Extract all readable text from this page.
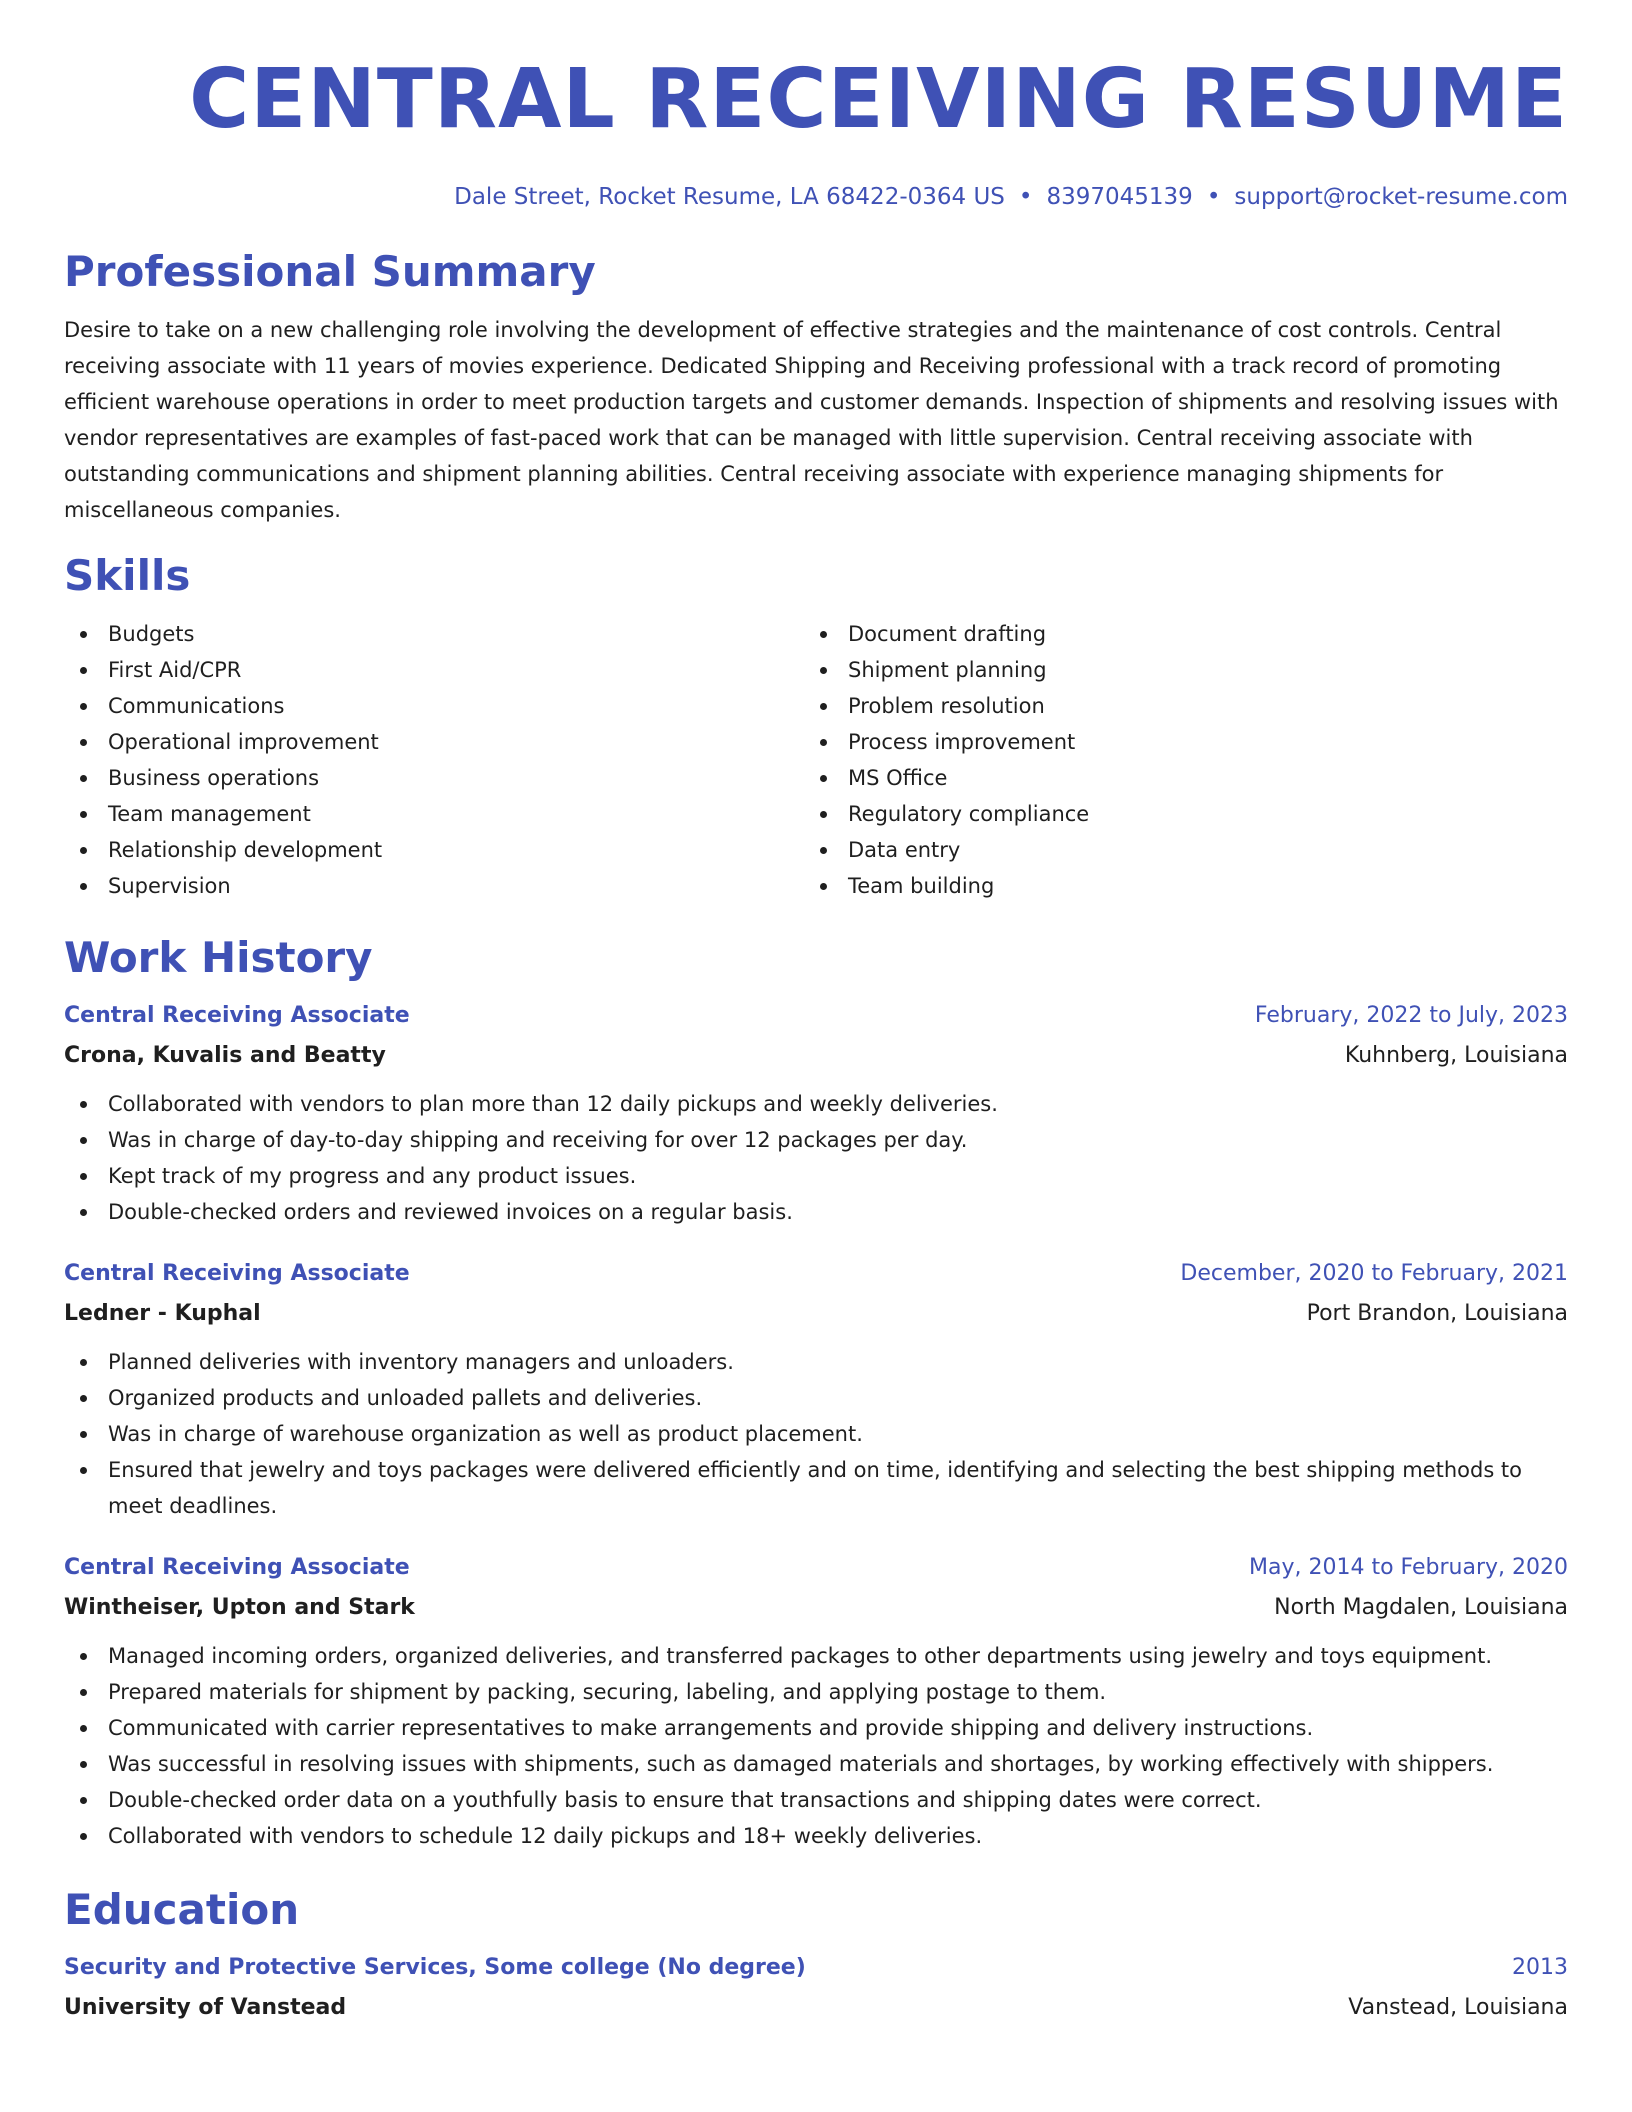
CENTRAL RECEIVING RESUME
Dale Street, Rocket Resume, LA 68422-0364 US • 8397045139 • support@rocket-resume.com
Professional Summary

Desire to take on a new challenging role involving the development of effective strategies and the maintenance of cost controls. Central receiving associate with 11 years of movies experience. Dedicated Shipping and Receiving professional with a track record of promoting efficient warehouse operations in order to meet production targets and customer demands. Inspection of shipments and resolving issues with vendor representatives are examples of fast-paced work that can be managed with little supervision. Central receiving associate with outstanding communications and shipment planning abilities. Central receiving associate with experience managing shipments for miscellaneous companies.

Skills
Budgets
First Aid/CPR
Communications
Operational improvement
Business operations
Team management
Relationship development
Supervision
Document drafting
Shipment planning
Problem resolution
Process improvement
MS Office
Regulatory compliance
Data entry
Team building
Work History
Central Receiving Associate	February, 2022 to July, 2023
Crona, Kuvalis and Beatty	Kuhnberg, Louisiana
Collaborated with vendors to plan more than 12 daily pickups and weekly deliveries.
Was in charge of day-to-day shipping and receiving for over 12 packages per day.
Kept track of my progress and any product issues.
Double-checked orders and reviewed invoices on a regular basis.
Central Receiving Associate	December, 2020 to February, 2021
Ledner - Kuphal	Port Brandon, Louisiana
Planned deliveries with inventory managers and unloaders.
Organized products and unloaded pallets and deliveries.
Was in charge of warehouse organization as well as product placement.
Ensured that jewelry and toys packages were delivered efficiently and on time, identifying and selecting the best shipping methods to meet deadlines.
Central Receiving Associate	May, 2014 to February, 2020
Wintheiser, Upton and Stark	North Magdalen, Louisiana
Managed incoming orders, organized deliveries, and transferred packages to other departments using jewelry and toys equipment.
Prepared materials for shipment by packing, securing, labeling, and applying postage to them.
Communicated with carrier representatives to make arrangements and provide shipping and delivery instructions.
Was successful in resolving issues with shipments, such as damaged materials and shortages, by working effectively with shippers.
Double-checked order data on a youthfully basis to ensure that transactions and shipping dates were correct.
Collaborated with vendors to schedule 12 daily pickups and 18+ weekly deliveries.
Education
Security and Protective Services, Some college (No degree)	2013
University of Vanstead	Vanstead, Louisiana
